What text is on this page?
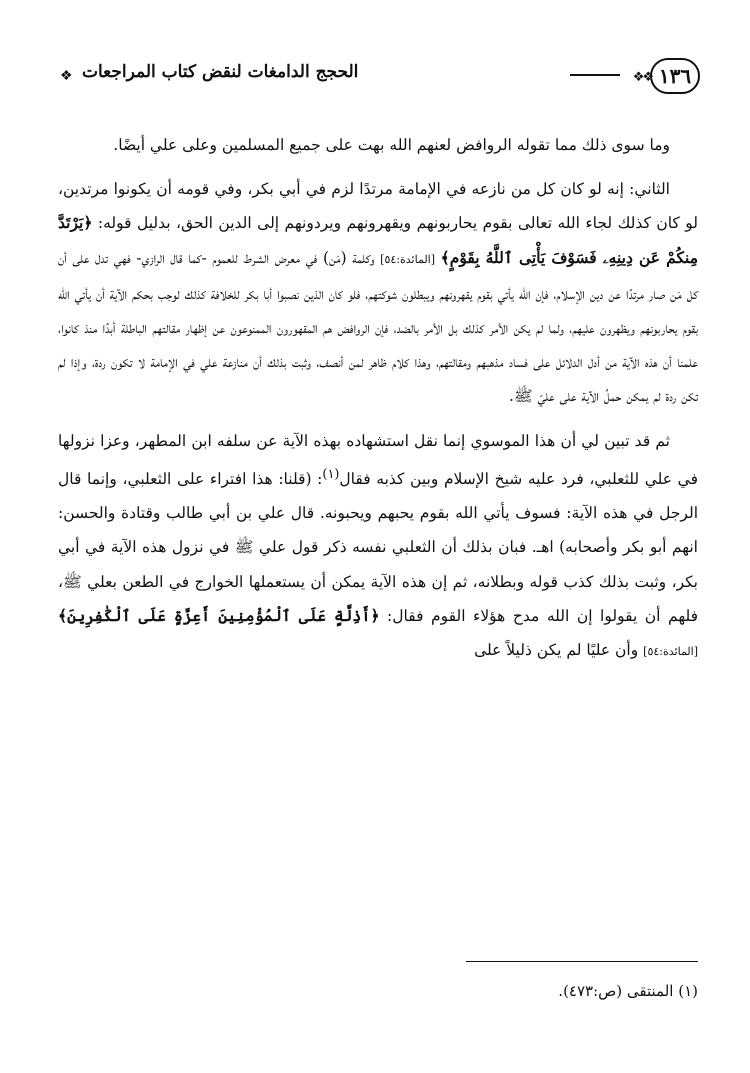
١٣٦
❖❖
الحجج الدامغات لنقض كتاب المراجعات
❖

وما سوى ذلك مما تقوله الروافض لعنهم الله بهت على جميع المسلمين وعلى علي أيضًا.

الثاني: إنه لو كان كل من نازعه في الإمامة مرتدًا لزم في أبي بكر، وفي قومه أن يكونوا مرتدين، لو كان كذلك لجاء الله تعالى بقوم يحاربونهم ويقهرونهم ويردونهم إلى الدين الحق، بدليل قوله: ﴿يَرْتَدَّ مِنكُمْ عَن دِينِهِۦ فَسَوْفَ يَأْتِى ٱللَّهُ بِقَوْمٍ﴾ [المائدة:٥٤] وكلمة (مَن) في معرض الشرط للعموم -كما قال الرازي- فهي تدل على أن كل مَن صار مرتدًا عن دين الإسلام، فإن الله يأتي بقوم يقهرونهم ويبطلون شوكتهم، فلو كان الذين نصبوا أبا بكر للخلافة كذلك لوجب بحكم الآية أن يأتي الله بقوم يحاربونهم ويظهرون عليهم، ولما لم يكن الأمر كذلك بل الأمر بالضد، فإن الروافض هم المقهورون الممنوعون عن إظهار مقالتهم الباطلة أبدًا منذ كانوا، علمنا أن هذه الآية من أدل الدلائل على فساد مذهبهم ومقالتهم، وهذا كلام ظاهر لمن أنصف، وثبت بذلك أن منازعة علي في الإمامة لا تكون ردة، وإذا لم تكن ردة لم يمكن حملُ الآية على عليّ ﷺ.

ثم قد تبين لي أن هذا الموسوي إنما نقل استشهاده بهذه الآية عن سلفه ابن المطهر، وعزا نزولها في علي للثعلبي، فرد عليه شيخ الإسلام وبين كذبه فقال$^{(١)}$: (قلنا: هذا افتراء على الثعلبي، وإنما قال الرجل في هذه الآية: فسوف يأتي الله بقوم يحبهم ويحبونه. قال علي بن أبي طالب وقتادة والحسن: انهم أبو بكر وأصحابه) اهـ. فبان بذلك أن الثعلبي نفسه ذكر قول علي ﷺ في نزول هذه الآية في أبي بكر، وثبت بذلك كذب قوله وبطلانه، ثم إن هذه الآية يمكن أن يستعملها الخوارج في الطعن بعلي ﷺ، فلهم أن يقولوا إن الله مدح هؤلاء القوم فقال: ﴿أَذِلَّةٍ عَلَى ٱلْمُؤْمِنِينَ أَعِزَّةٍ عَلَى ٱلْكَٰفِرِينَ﴾ [المائدة:٥٤] وأن عليًا لم يكن ذليلاً على

(١) المنتقى (ص:٤٧٣).
